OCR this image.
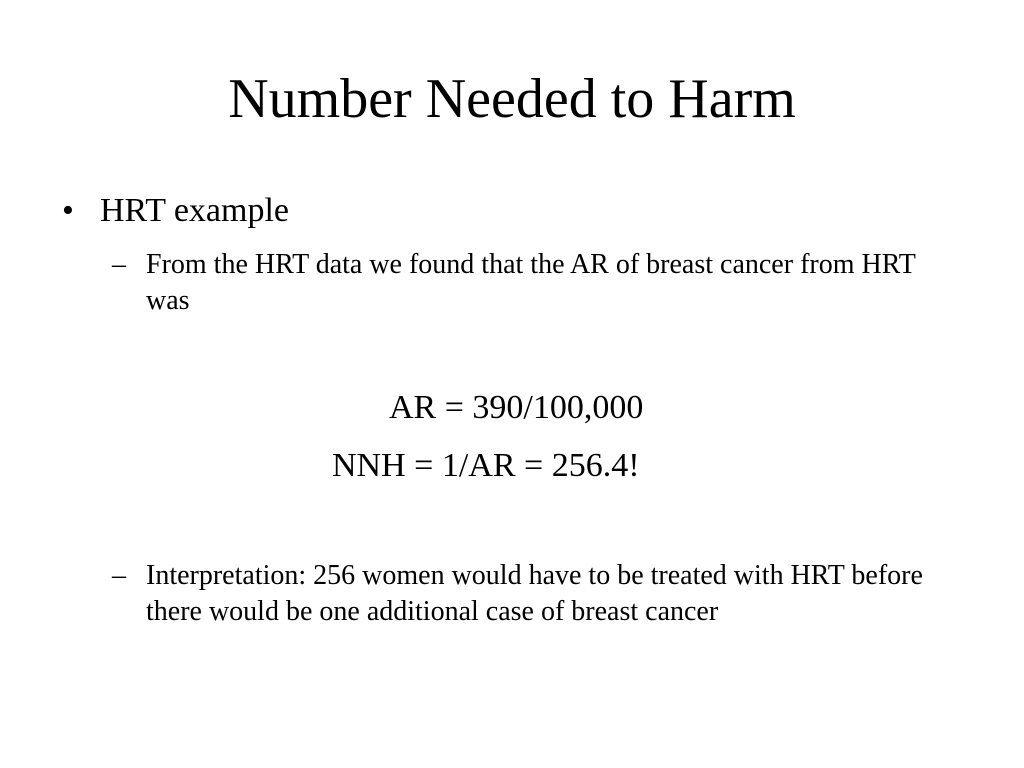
Number Needed to Harm
• HRT example
– From the HRT data we found that the AR of breast cancer from HRT was
AR = 390/100,000
NNH = 1/AR = 256.4!
– Interpretation: 256 women would have to be treated with HRT before there would be one additional case of breast cancer
